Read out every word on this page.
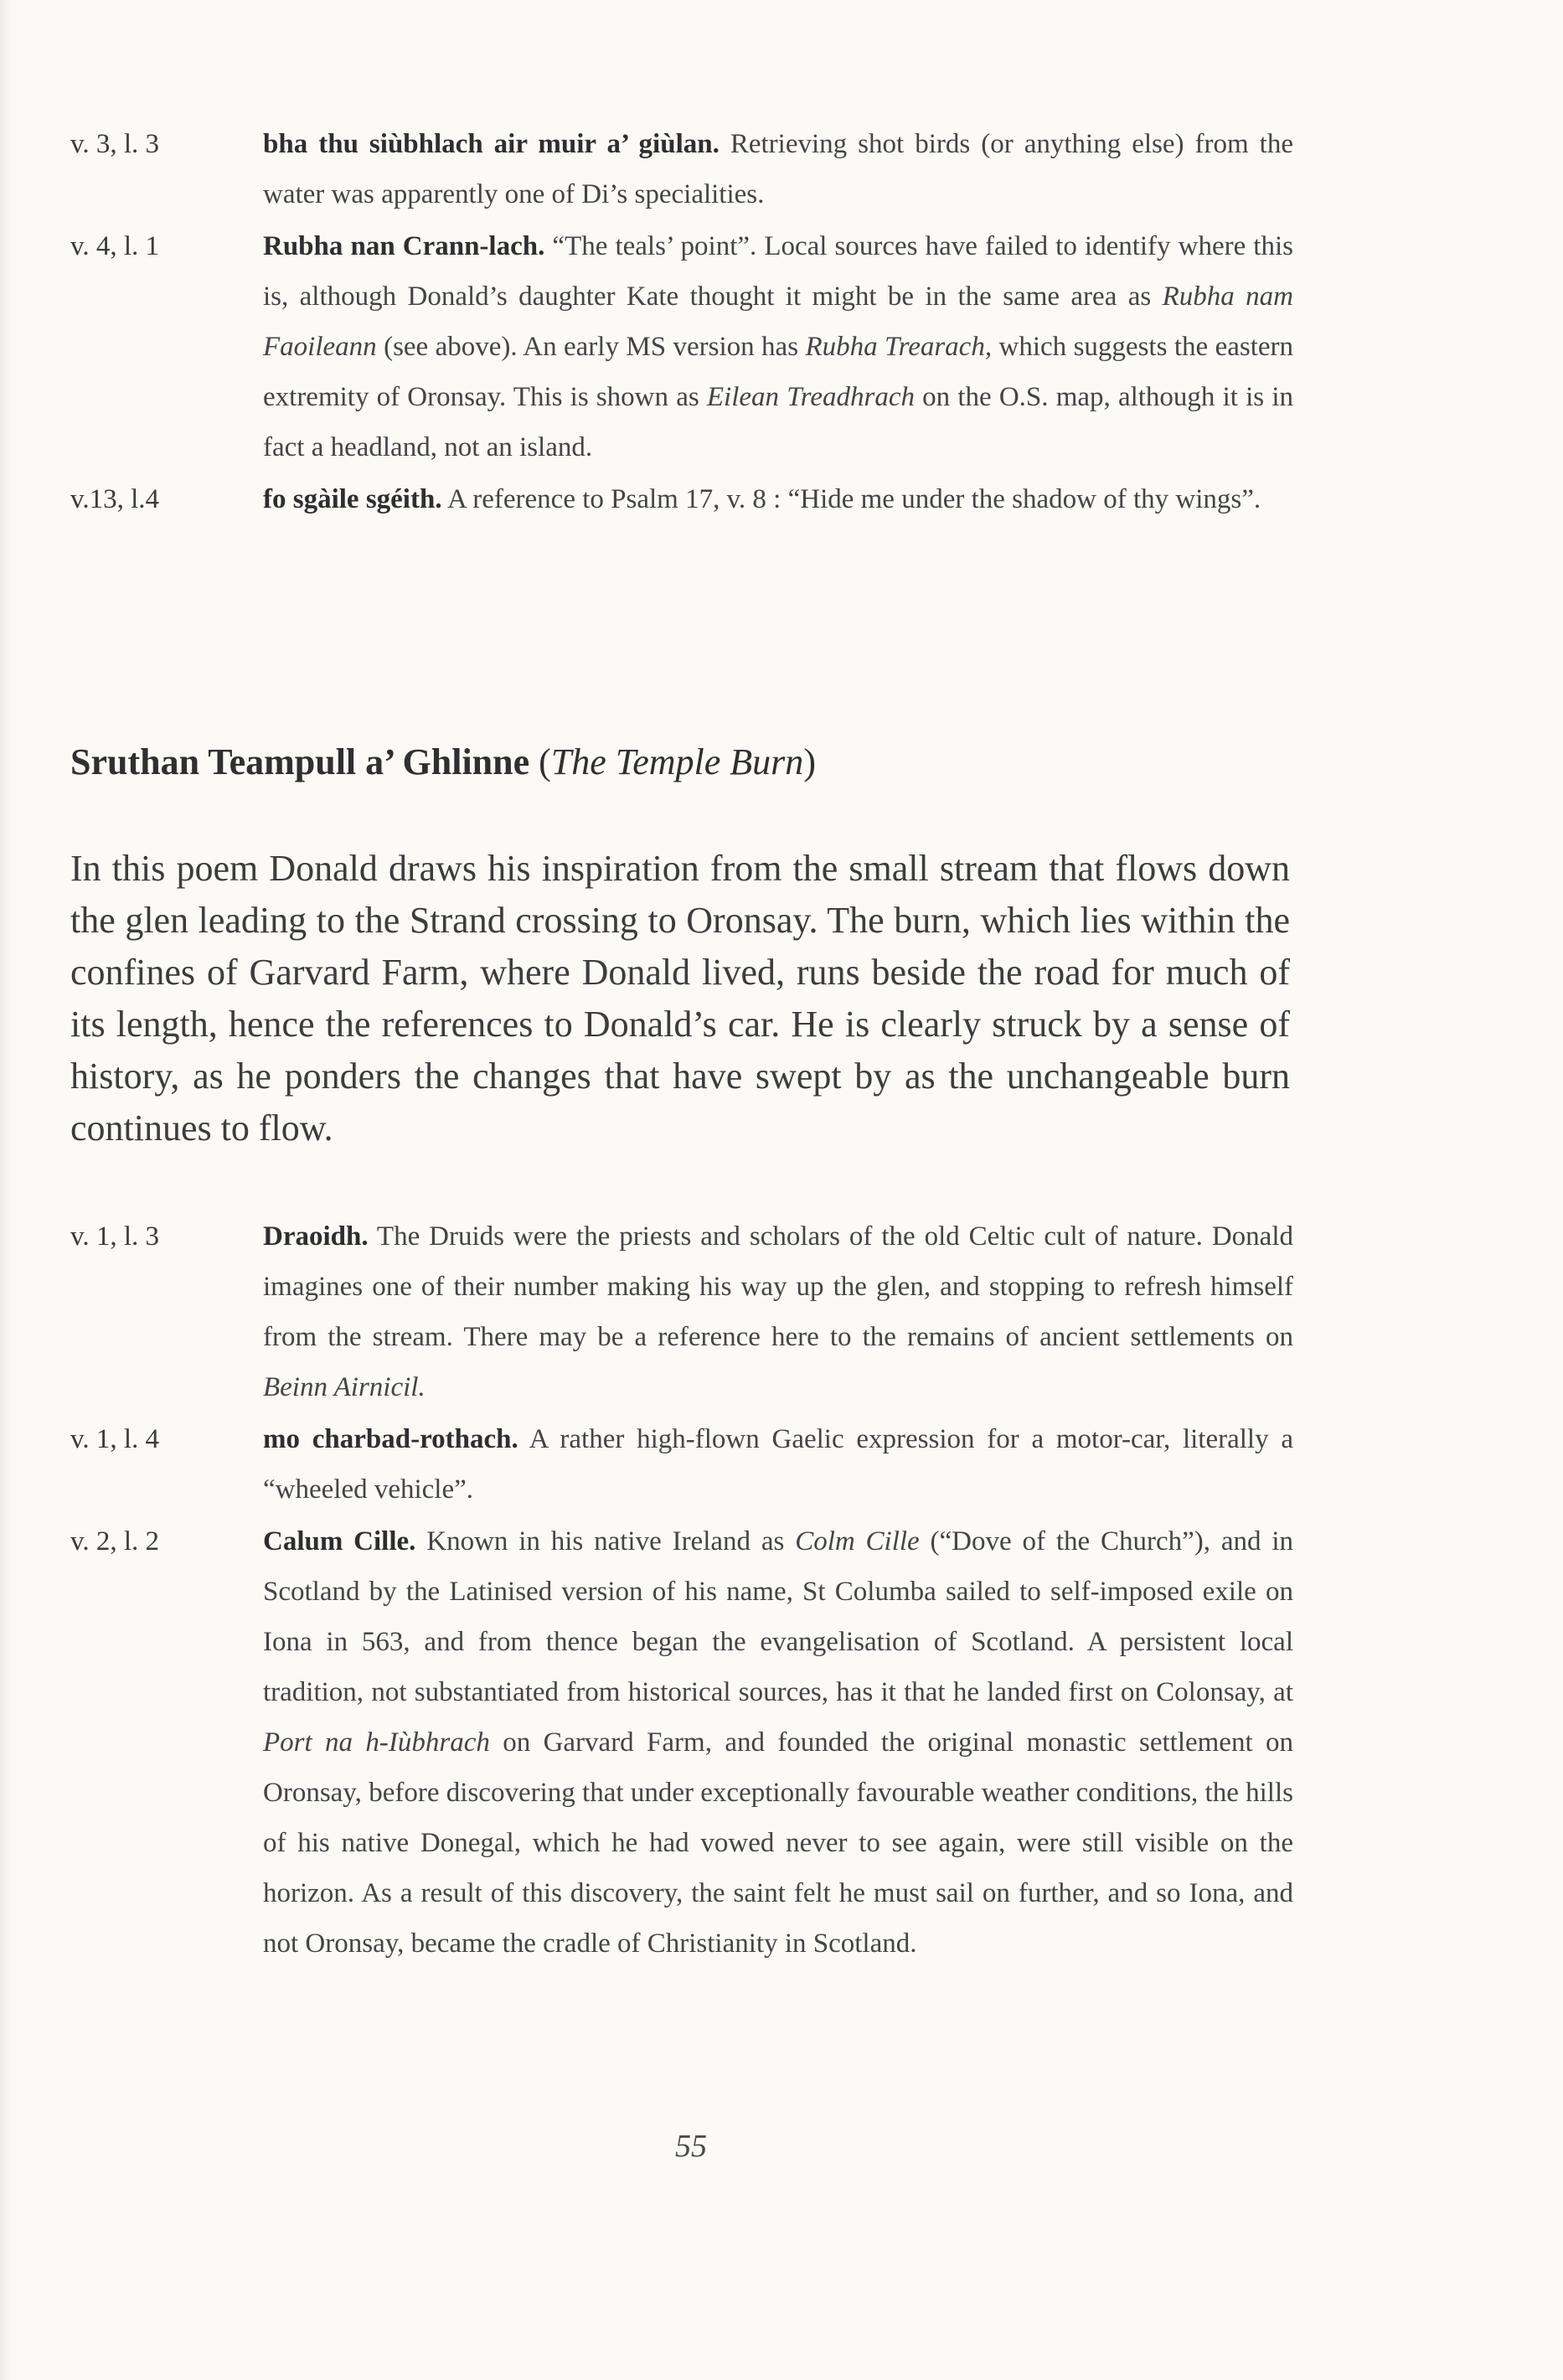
v. 3, l. 3	bha thu siùbhlach air muir a’ giùlan. Retrieving shot birds (or anything else) from the water was apparently one of Di’s specialities.
v. 4, l. 1	Rubha nan Crann-lach. “The teals’ point”. Local sources have failed to identify where this is, although Donald’s daughter Kate thought it might be in the same area as Rubha nam Faoileann (see above). An early MS version has Rubha Trearach, which suggests the eastern extremity of Oronsay. This is shown as Eilean Treadhrach on the O.S. map, although it is in fact a headland, not an island.
v.13, l.4	fo sgàile sgéith. A reference to Psalm 17, v. 8 : “Hide me under the shadow of thy wings”.
Sruthan Teampull a’ Ghlinne (The Temple Burn)

In this poem Donald draws his inspiration from the small stream that flows down the glen leading to the Strand crossing to Oronsay. The burn, which lies within the confines of Garvard Farm, where Donald lived, runs beside the road for much of its length, hence the references to Donald’s car. He is clearly struck by a sense of history, as he ponders the changes that have swept by as the unchangeable burn continues to flow.

v. 1, l. 3	Draoidh. The Druids were the priests and scholars of the old Celtic cult of nature. Donald imagines one of their number making his way up the glen, and stopping to refresh himself from the stream. There may be a reference here to the remains of ancient settlements on Beinn Airnicil.
v. 1, l. 4	mo charbad-rothach. A rather high-flown Gaelic expression for a motor-car, literally a “wheeled vehicle”.
v. 2, l. 2	Calum Cille. Known in his native Ireland as Colm Cille (“Dove of the Church”), and in Scotland by the Latinised version of his name, St Columba sailed to self-imposed exile on Iona in 563, and from thence began the evangelisation of Scotland. A persistent local tradition, not substantiated from historical sources, has it that he landed first on Colonsay, at Port na h-Iùbhrach on Garvard Farm, and founded the original monastic settlement on Oronsay, before discovering that under exceptionally favourable weather conditions, the hills of his native Donegal, which he had vowed never to see again, were still visible on the horizon. As a result of this discovery, the saint felt he must sail on further, and so Iona, and not Oronsay, became the cradle of Christianity in Scotland.
55
